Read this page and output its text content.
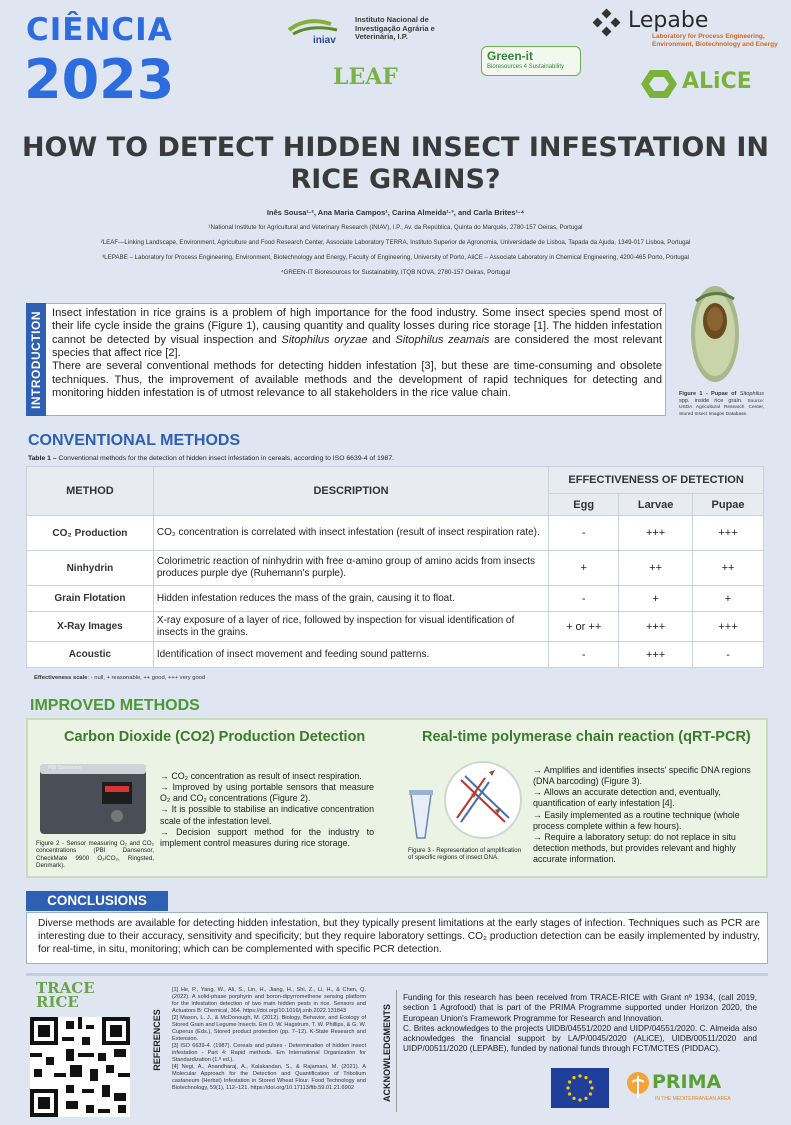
CIÊNCIA
2023
iniav
Instituto Nacional de Investigação Agrária e Veterinária, I.P.
LEAF
Green-it
Bioresources 4 Sustainability
Lepabe
Laboratory for Process Engineering, Environment, Biotechnology and Energy
ALiCE
HOW TO DETECT HIDDEN INSECT INFESTATION IN RICE GRAINS?
Inês Sousa¹·², Ana Maria Campos¹, Carina Almeida¹·³, and Carla Brites¹·⁴
¹National Institute for Agricultural and Veterinary Research (INIAV), I.P., Av. da República, Quinta do Marquês, 2780-157 Oeiras, Portugal
²LEAF—Linking Landscape, Environment, Agriculture and Food Research Center, Associate Laboratory TERRA, Instituto Superior de Agronomia, Universidade de Lisboa, Tapada da Ajuda, 1349-017 Lisboa, Portugal
³LEPABE – Laboratory for Process Engineering, Environment, Biotechnology and Energy, Faculty of Engineering, University of Porto, AliCE – Associate Laboratory in Chemical Engineering, 4200-465 Porto, Portugal
⁴GREEN-IT Bioresources for Sustainability, ITQB NOVA, 2780-157 Oeiras, Portugal
INTRODUCTION Insect infestation in rice grains is a problem of high importance for the food industry. Some insect species spend most of their life cycle inside the grains (Figure 1), causing quantity and quality losses during rice storage [1]. The hidden infestation cannot be detected by visual inspection and Sitophilus oryzae and Sitophilus zeamais are considered the most relevant species that affect rice [2].
There are several conventional methods for detecting hidden infestation [3], but these are time-consuming and obsolete techniques. Thus, the improvement of available methods and the development of rapid techniques for detecting and monitoring hidden infestation is of utmost relevance to all stakeholders in the rice value chain.	Figure 1 - Pupae of Sitophilus spp. inside rice grain. Source: USDA Agricultural Research Center, Stored Insect Images Database.
CONVENTIONAL METHODS
Table 1 – Conventional methods for the detection of hidden insect infestation in cereals, according to ISO 6639-4 of 1987.
METHOD	DESCRIPTION	EFFECTIVENESS OF DETECTION		
		Egg	Larvae	Pupae
CO₂ Production	CO₂ concentration is correlated with insect infestation (result of insect respiration rate).	-	+++	+++
Ninhydrin	Colorimetric reaction of ninhydrin with free α-amino group of amino acids from insects produces purple dye (Ruhemann's purple).	+	++	++
Grain Flotation	Hidden infestation reduces the mass of the grain, causing it to float.	-	+	+
X-Ray Images	X-ray exposure of a layer of rice, followed by inspection for visual identification of insects in the grains.	+ or ++	+++	+++
Acoustic	Identification of insect movement and feeding sound patterns.	-	+++	-
Effectiveness scale: - null, + reasonable, ++ good, +++ very good
IMPROVED METHODS
Carbon Dioxide (CO2) Production Detection	Real-time polymerase chain reaction (qRT-PCR)
PBI Dansensor
Figure 2 - Sensor measuring O₂ and CO₂ concentrations (PBI Dansensor, CheckMate 9900 O₂/CO₂, Ringsted, Denmark).
→ CO₂ concentration as result of insect respiration.
→ Improved by using portable sensors that measure O₂ and CO₂ concentrations (Figure 2).
→ It is possible to stabilise an indicative concentration scale of the infestation level.
→ Decision support method for the industry to implement control measures during rice storage.
Figure 3 - Representation of amplification of specific regions of insect DNA.
→ Amplifies and identifies insects' specific DNA regions (DNA barcoding) (Figure 3).
→ Allows an accurate detection and, eventually, quantification of early infestation [4].
→ Easily implemented as a routine technique (whole process complete within a few hours).
→ Require a laboratory setup: do not replace in situ detection methods, but provides relevant and highly accurate information.
CONCLUSIONS
Diverse methods are available for detecting hidden infestation, but they typically present limitations at the early stages of infection. Techniques such as PCR are interesting due to their accuracy, sensitivity and specificity; but they require laboratory settings. CO₂ production detection can be easily implemented by industry, for real-time, in situ, monitoring; which can be complemented with specific PCR detection.
TRACE RICE
REFERENCES
[1] He, P., Yang, W., Ali, S., Lin, H., Jiang, H., Shi, Z., Li, H., & Chen, Q. (2022). A solid-phase porphyrin and boron-dipyrromethene sensing platform for the infestation detection of two main hidden pests in rice. Sensors and Actuators B: Chemical, 364. https://doi.org/10.1016/j.snb.2022.131843
[2] Mason, L. J., & McDonough, M. (2012). Biology, Behavior, and Ecology of Stored Grain and Legume Insects. Em D. W. Hagstrum, T. W. Phillips, & G. W. Cuperus (Eds.), Stored product protection (pp. 7–12). K-State Research and Extension.
[3] ISO 6639-4. (1987). Cereals and pulses - Determination of hidden insect infestation - Part 4: Rapid methods. Em International Organization for Standardization (1.ª ed.).
[4] Negi, A., Anandharaj, A., Kalakandan, S., & Rajamani, M. (2021). A Molecular Approach for the Detection and Quantification of Tribolium castaneum (Herbst) Infestation in Stored Wheat Flour. Food Technology and Biotechnology, 59(1), 112–121. https://doi.org/10.17113/ftb.59.01.21.6902	ACKNOWLEDGMENTS
Funding for this research has been received from TRACE-RICE with Grant nº 1934, (call 2019, section 1 Agrofood) that is part of the PRIMA Programme supported under Horizon 2020, the European Union's Framework Programme for Research and Innovation.
C. Brites acknowledges to the projects UIDB/04551/2020 and UIDP/04551/2020. C. Almeida also acknowledges the financial support by LA/P/0045/2020 (ALiCE), UIDB/00511/2020 and UIDP/00511/2020 (LEPABE), funded by national funds through FCT/MCTES (PIDDAC).
PRIMA
IN THE MEDITERRANEAN AREA
